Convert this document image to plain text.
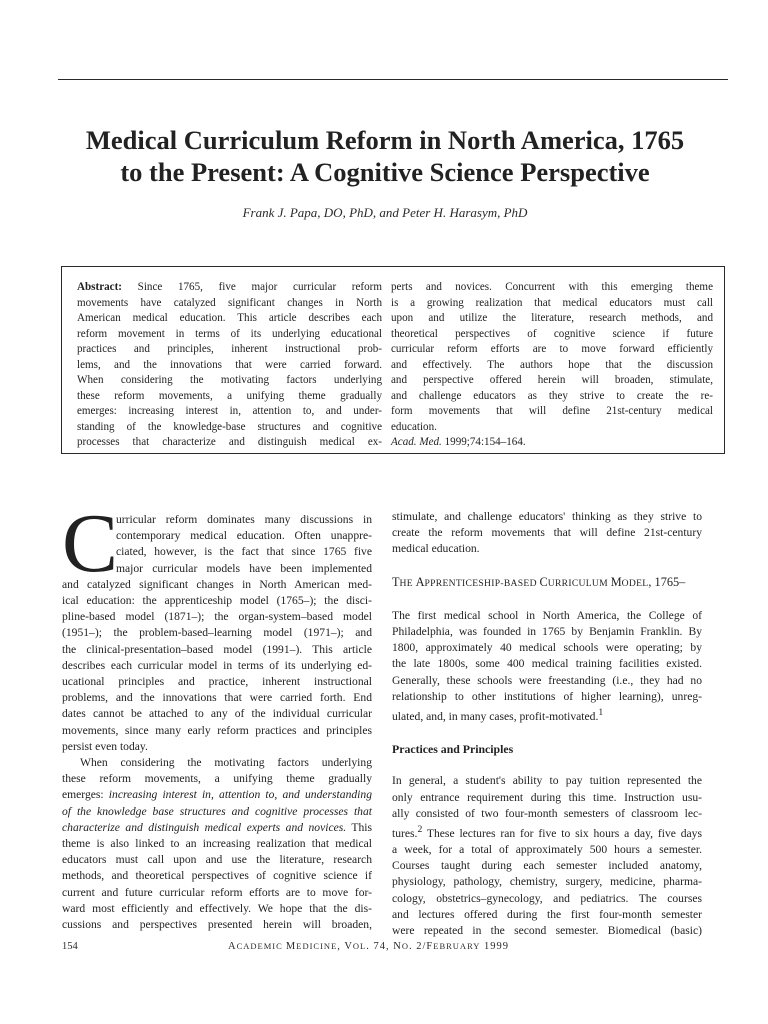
Medical Curriculum Reform in North America, 1765
to the Present: A Cognitive Science Perspective
Frank J. Papa, DO, PhD, and Peter H. Harasym, PhD
Abstract: Since 1765, five major curricular reform
movements have catalyzed significant changes in North
American medical education. This article describes each
reform movement in terms of its underlying educational
practices and principles, inherent instructional prob-
lems, and the innovations that were carried forward.
When considering the motivating factors underlying
these reform movements, a unifying theme gradually
emerges: increasing interest in, attention to, and under-
standing of the knowledge-base structures and cognitive
processes that characterize and distinguish medical ex-
perts and novices. Concurrent with this emerging theme
is a growing realization that medical educators must call
upon and utilize the literature, research methods, and
theoretical perspectives of cognitive science if future
curricular reform efforts are to move forward efficiently
and effectively. The authors hope that the discussion
and perspective offered herein will broaden, stimulate,
and challenge educators as they strive to create the re-
form movements that will define 21st-century medical
education.
Acad. Med. 1999;74:154–164.
C
urricular reform dominates many discussions in
contemporary medical education. Often unappre-
ciated, however, is the fact that since 1765 five
major curricular models have been implemented
and catalyzed significant changes in North American med-
ical education: the apprenticeship model (1765–); the disci-
pline-based model (1871–); the organ-system–based model
(1951–); the problem-based–learning model (1971–); and
the clinical-presentation–based model (1991–). This article
describes each curricular model in terms of its underlying ed-
ucational principles and practice, inherent instructional
problems, and the innovations that were carried forth. End
dates cannot be attached to any of the individual curricular
movements, since many early reform practices and principles
persist even today.
When considering the motivating factors underlying
these reform movements, a unifying theme gradually
emerges: increasing interest in, attention to, and understanding
of the knowledge base structures and cognitive processes that
characterize and distinguish medical experts and novices. This
theme is also linked to an increasing realization that medical
educators must call upon and use the literature, research
methods, and theoretical perspectives of cognitive science if
current and future curricular reform efforts are to move for-
ward most efficiently and effectively. We hope that the dis-
cussions and perspectives presented herein will broaden,
stimulate, and challenge educators' thinking as they strive to
create the reform movements that will define 21st-century
medical education.
THE APPRENTICESHIP-BASED CURRICULUM MODEL, 1765–
The first medical school in North America, the College of
Philadelphia, was founded in 1765 by Benjamin Franklin. By
1800, approximately 40 medical schools were operating; by
the late 1800s, some 400 medical training facilities existed.
Generally, these schools were freestanding (i.e., they had no
relationship to other institutions of higher learning), unreg-
ulated, and, in many cases, profit-motivated.$^1$
Practices and Principles
In general, a student's ability to pay tuition represented the
only entrance requirement during this time. Instruction usu-
ally consisted of two four-month semesters of classroom lec-
tures.$^2$ These lectures ran for five to six hours a day, five days
a week, for a total of approximately 500 hours a semester.
Courses taught during each semester included anatomy,
physiology, pathology, chemistry, surgery, medicine, pharma-
cology, obstetrics–gynecology, and pediatrics. The courses
and lectures offered during the first four-month semester
were repeated in the second semester. Biomedical (basic)
154	ACADEMIC MEDICINE, VOL. 74, NO. 2/FEBRUARY 1999
